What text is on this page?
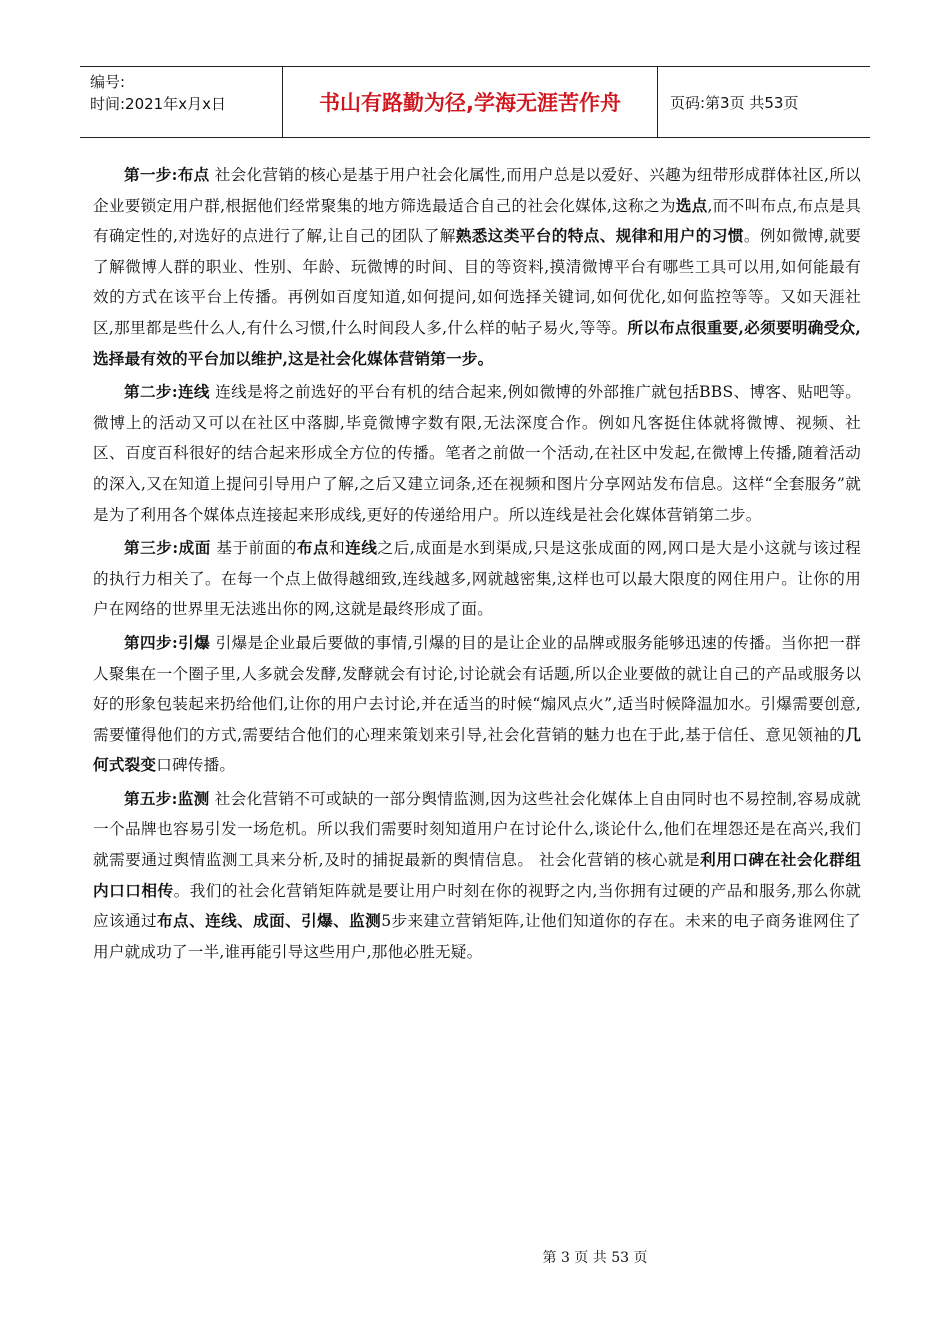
编号:
时间:2021年x月x日	书山有路勤为径,学海无涯苦作舟	页码:第3页 共53页

第一步:布点 社会化营销的核心是基于用户社会化属性,而用户总是以爱好、兴趣为纽带形成群体社区,所以企业要锁定用户群,根据他们经常聚集的地方筛选最适合自己的社会化媒体,这称之为选点,而不叫布点,布点是具有确定性的,对选好的点进行了解,让自己的团队了解熟悉这类平台的特点、规律和用户的习惯。例如微博,就要了解微博人群的职业、性别、年龄、玩微博的时间、目的等资料,摸清微博平台有哪些工具可以用,如何能最有效的方式在该平台上传播。再例如百度知道,如何提问,如何选择关键词,如何优化,如何监控等等。又如天涯社区,那里都是些什么人,有什么习惯,什么时间段人多,什么样的帖子易火,等等。所以布点很重要,必须要明确受众,选择最有效的平台加以维护,这是社会化媒体营销第一步。

第二步:连线 连线是将之前选好的平台有机的结合起来,例如微博的外部推广就包括BBS、博客、贴吧等。微博上的活动又可以在社区中落脚,毕竟微博字数有限,无法深度合作。例如凡客挺住体就将微博、视频、社区、百度百科很好的结合起来形成全方位的传播。笔者之前做一个活动,在社区中发起,在微博上传播,随着活动的深入,又在知道上提问引导用户了解,之后又建立词条,还在视频和图片分享网站发布信息。这样“全套服务”就是为了利用各个媒体点连接起来形成线,更好的传递给用户。所以连线是社会化媒体营销第二步。

第三步:成面 基于前面的布点和连线之后,成面是水到渠成,只是这张成面的网,网口是大是小这就与该过程的执行力相关了。在每一个点上做得越细致,连线越多,网就越密集,这样也可以最大限度的网住用户。让你的用户在网络的世界里无法逃出你的网,这就是最终形成了面。

第四步:引爆 引爆是企业最后要做的事情,引爆的目的是让企业的品牌或服务能够迅速的传播。当你把一群人聚集在一个圈子里,人多就会发酵,发酵就会有讨论,讨论就会有话题,所以企业要做的就让自己的产品或服务以好的形象包装起来扔给他们,让你的用户去讨论,并在适当的时候“煽风点火”,适当时候降温加水。引爆需要创意,需要懂得他们的方式,需要结合他们的心理来策划来引导,社会化营销的魅力也在于此,基于信任、意见领袖的几何式裂变口碑传播。

第五步:监测 社会化营销不可或缺的一部分舆情监测,因为这些社会化媒体上自由同时也不易控制,容易成就一个品牌也容易引发一场危机。所以我们需要时刻知道用户在讨论什么,谈论什么,他们在埋怨还是在高兴,我们就需要通过舆情监测工具来分析,及时的捕捉最新的舆情信息。 社会化营销的核心就是利用口碑在社会化群组内口口相传。我们的社会化营销矩阵就是要让用户时刻在你的视野之内,当你拥有过硬的产品和服务,那么你就应该通过布点、连线、成面、引爆、监测5步来建立营销矩阵,让他们知道你的存在。未来的电子商务谁网住了用户就成功了一半,谁再能引导这些用户,那他必胜无疑。

第 3 页 共 53 页
